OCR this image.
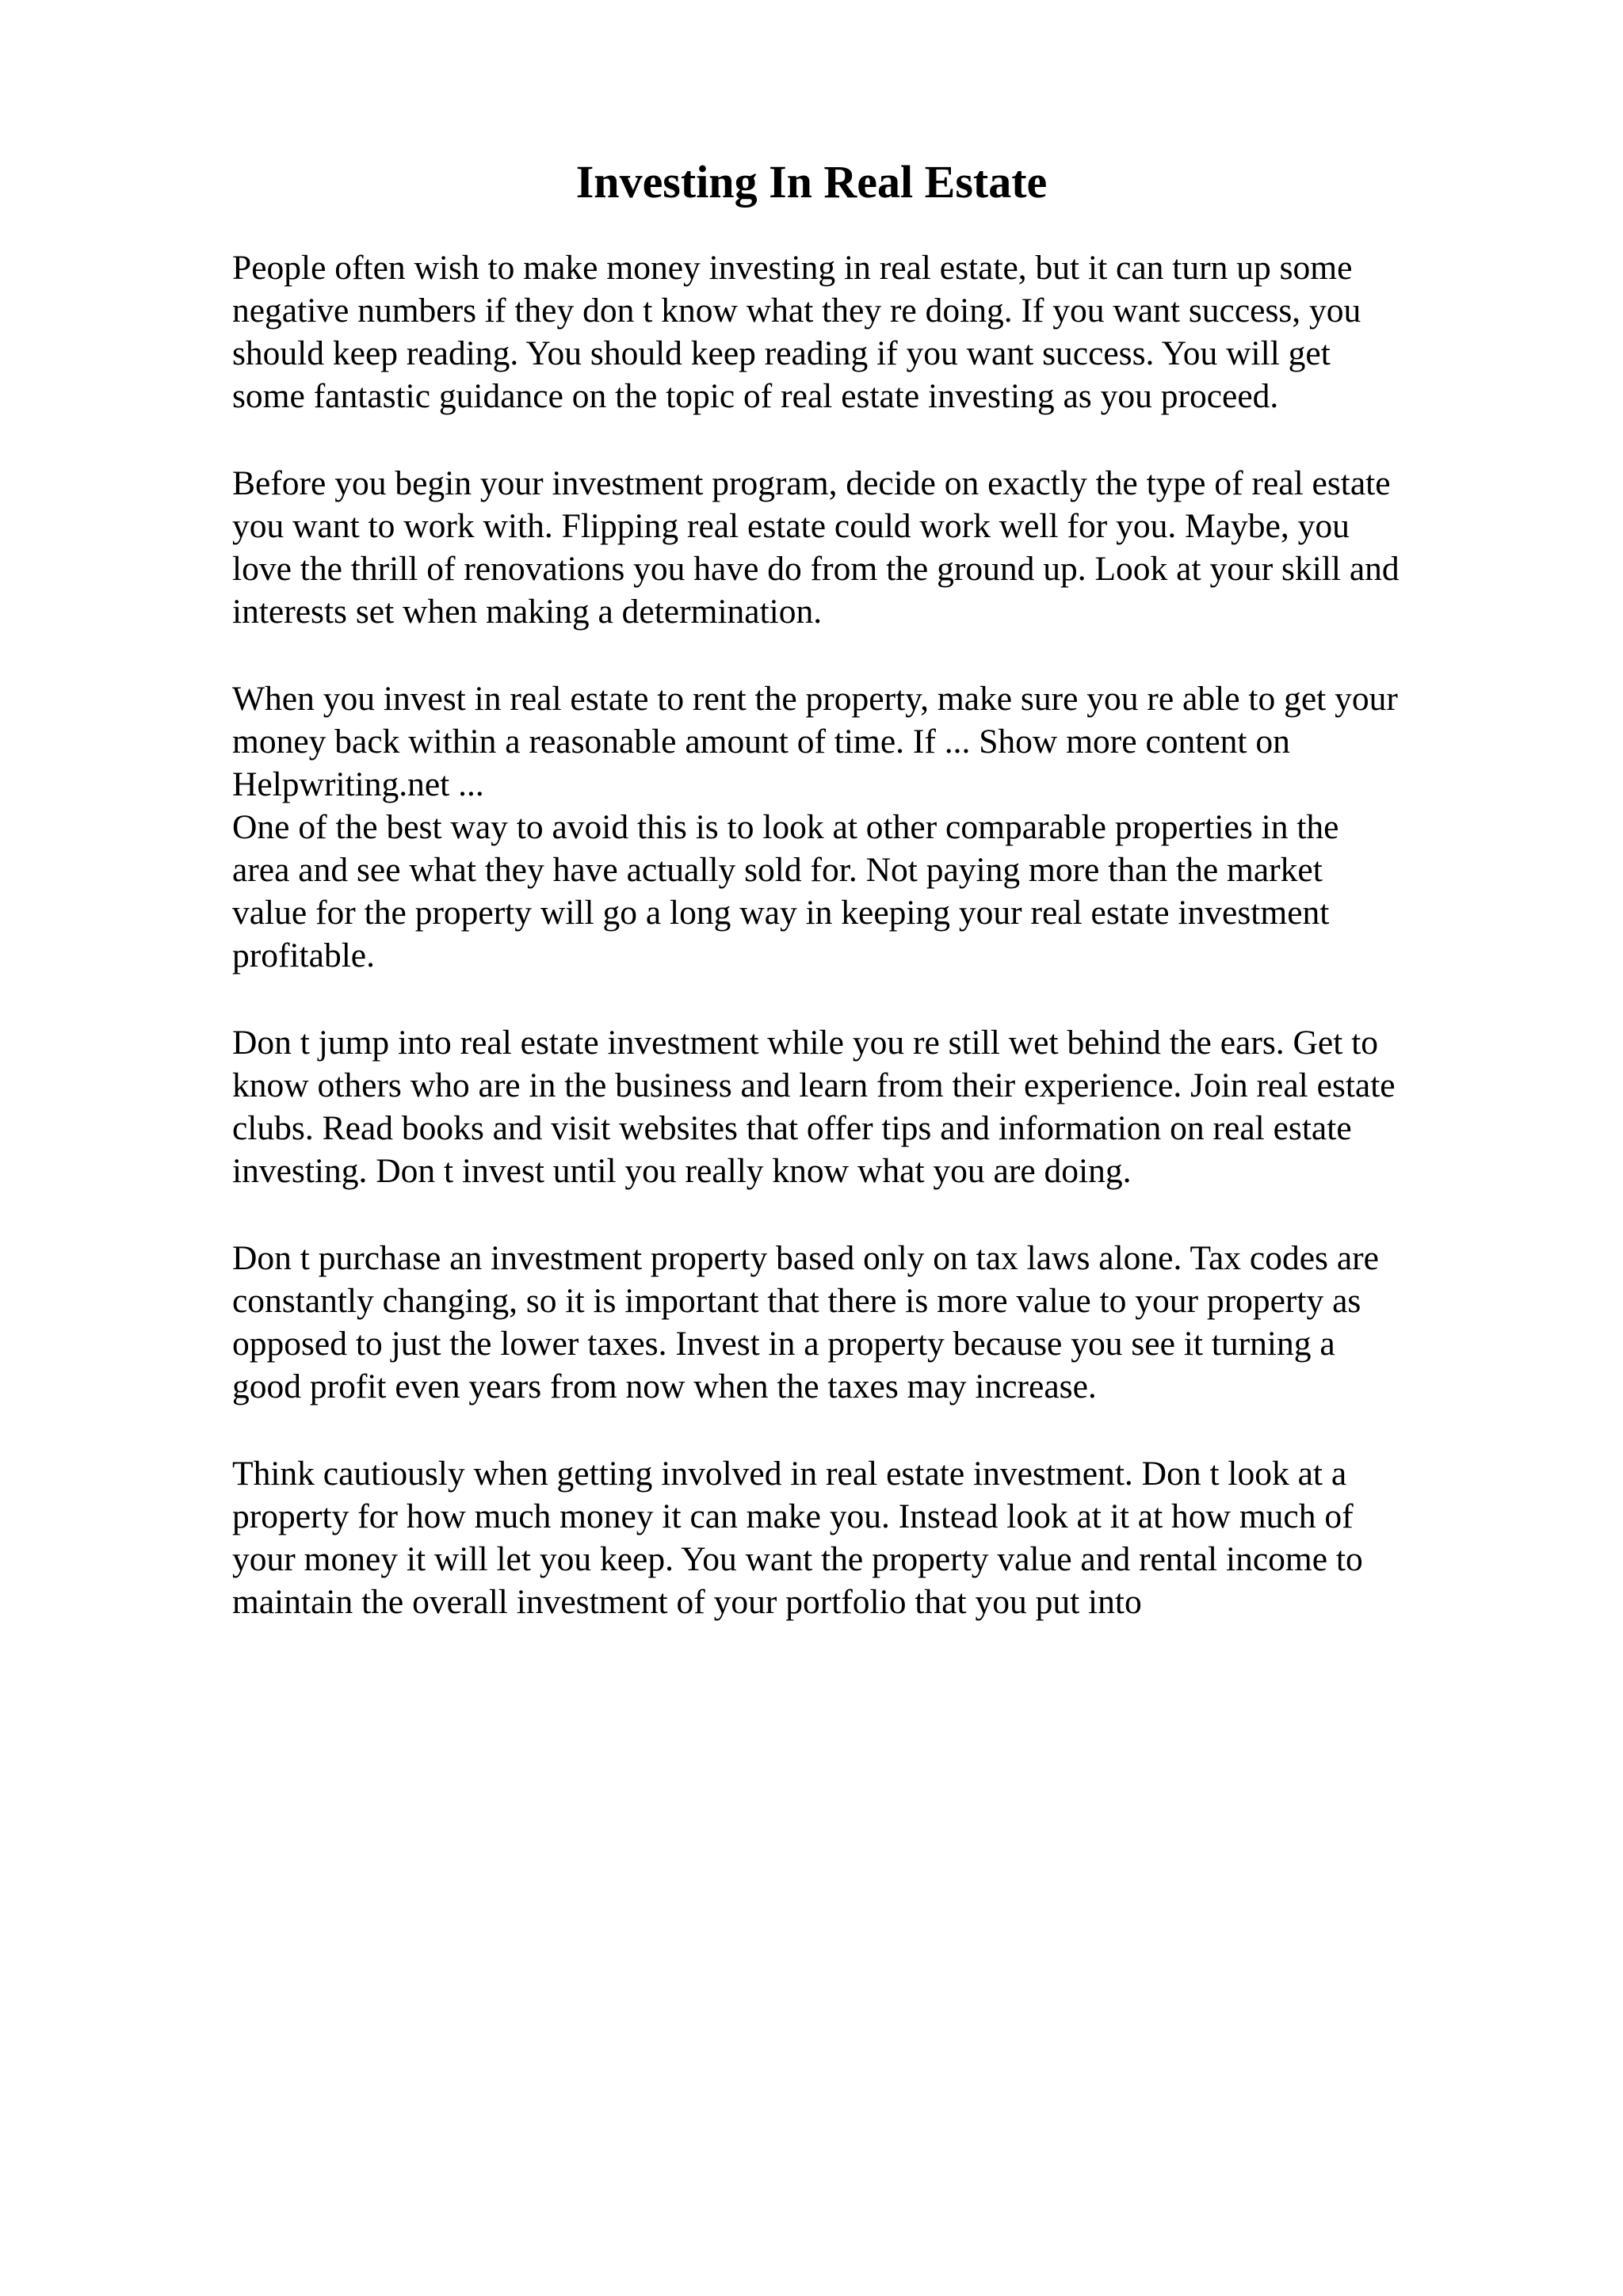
Investing In Real Estate

People often wish to make money investing in real estate, but it can turn up some

negative numbers if they don t know what they re doing. If you want success, you

should keep reading. You should keep reading if you want success. You will get

some fantastic guidance on the topic of real estate investing as you proceed.

Before you begin your investment program, decide on exactly the type of real estate

you want to work with. Flipping real estate could work well for you. Maybe, you

love the thrill of renovations you have do from the ground up. Look at your skill and

interests set when making a determination.

When you invest in real estate to rent the property, make sure you re able to get your

money back within a reasonable amount of time. If ... Show more content on

Helpwriting.net ...

One of the best way to avoid this is to look at other comparable properties in the

area and see what they have actually sold for. Not paying more than the market

value for the property will go a long way in keeping your real estate investment

profitable.

Don t jump into real estate investment while you re still wet behind the ears. Get to

know others who are in the business and learn from their experience. Join real estate

clubs. Read books and visit websites that offer tips and information on real estate

investing. Don t invest until you really know what you are doing.

Don t purchase an investment property based only on tax laws alone. Tax codes are

constantly changing, so it is important that there is more value to your property as

opposed to just the lower taxes. Invest in a property because you see it turning a

good profit even years from now when the taxes may increase.

Think cautiously when getting involved in real estate investment. Don t look at a

property for how much money it can make you. Instead look at it at how much of

your money it will let you keep. You want the property value and rental income to

maintain the overall investment of your portfolio that you put into
